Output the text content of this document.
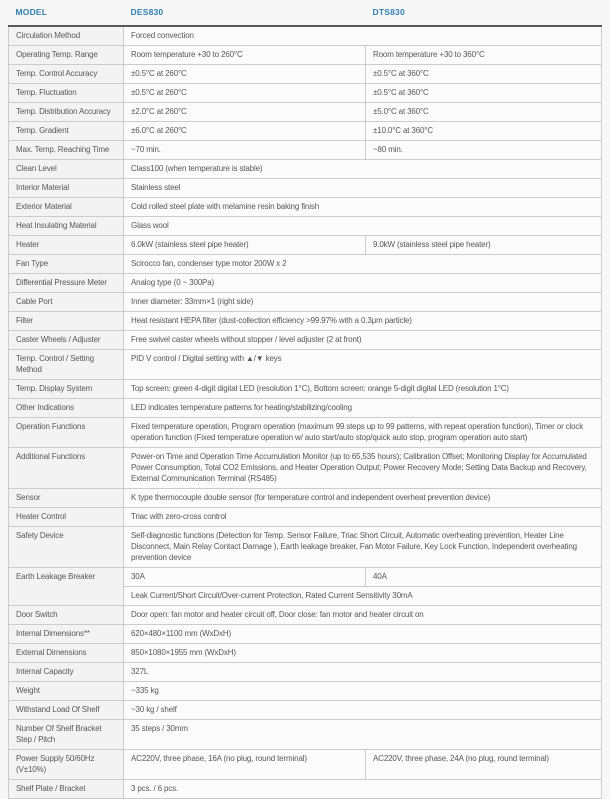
MODEL	DES830	DTS830
Circulation Method	Forced convection	
Operating Temp. Range	Room temperature +30 to 260°C	Room temperature +30 to 360°C
Temp. Control Accuracy	±0.5°C at 260°C	±0.5°C at 360°C
Temp. Fluctuation	±0.5°C at 260°C	±0.5°C at 360°C
Temp. Distribution Accuracy	±2.0°C at 260°C	±5.0°C at 360°C
Temp. Gradient	±6.0°C at 260°C	±10.0°C at 360°C
Max. Temp. Reaching Time	~70 min.	~80 min.
Clean Level	Class100 (when temperature is stable)	
Interior Material	Stainless steel	
Exterior Material	Cold rolled steel plate with melamine resin baking finish	
Heat Insulating Material	Glass wool	
Heater	6.0kW (stainless steel pipe heater)	9.0kW (stainless steel pipe heater)
Fan Type	Scirocco fan, condenser type motor 200W x 2	
Differential Pressure Meter	Analog type (0 ~ 300Pa)	
Cable Port	Inner diameter: 33mm×1 (right side)	
Filter	Heat resistant HEPA filter (dust-collection efficiency >99.97% with a 0.3μm particle)	
Caster Wheels / Adjuster	Free swivel caster wheels without stopper / level adjuster (2 at front)	
Temp. Control / Setting Method	PID V control / Digital setting with ▲/▼ keys	
Temp. Display System	Top screen: green 4-digit digital LED (resolution 1°C), Bottom screen: orange 5-digit digital LED (resolution 1°C)	
Other Indications	LED indicates temperature patterns for heating/stabilizing/cooling	
Operation Functions	Fixed temperature operation, Program operation (maximum 99 steps up to 99 patterns, with repeat operation function), Timer or clock operation function (Fixed temperature operation w/ auto start/auto stop/quick auto stop, program operation auto start)	
Additional Functions	Power-on Time and Operation Time Accumulation Monitor (up to 65,535 hours); Calibration Offset; Monitoring Display for Accumulated Power Consumption, Total CO2 Emissions, and Heater Operation Output; Power Recovery Mode; Setting Data Backup and Recovery, External Communication Terminal (RS485)	
Sensor	K type thermocouple double sensor (for temperature control and independent overheat prevention device)	
Heater Control	Triac with zero-cross control	
Safety Device	Self-diagnostic functions (Detection for Temp. Sensor Failure, Triac Short Circuit, Automatic overheating prevention, Heater Line Disconnect, Main Relay Contact Damage ), Earth leakage breaker, Fan Motor Failure, Key Lock Function, Independent overheating prevention device	
Earth Leakage Breaker	30A	40A
	Leak Current/Short Circuit/Over-current Protection, Rated Current Sensitivity 30mA	
Door Switch	Door open: fan motor and heater circuit off, Door close: fan motor and heater circuit on	
Internal Dimensions**	620×480×1100 mm (WxDxH)	
External Dimensions	850×1080×1955 mm (WxDxH)	
Internal Capacity	327L	
Weight	~335 kg	
Withstand Load Of Shelf	~30 kg / shelf	
Number Of Shelf Bracket Step / Pitch	35 steps / 30mm	
Power Supply 50/60Hz (V±10%)	AC220V, three phase, 16A (no plug, round terminal)	AC220V, three phase, 24A (no plug, round terminal)
Shelf Plate / Bracket	3 pcs. / 6 pcs.	
